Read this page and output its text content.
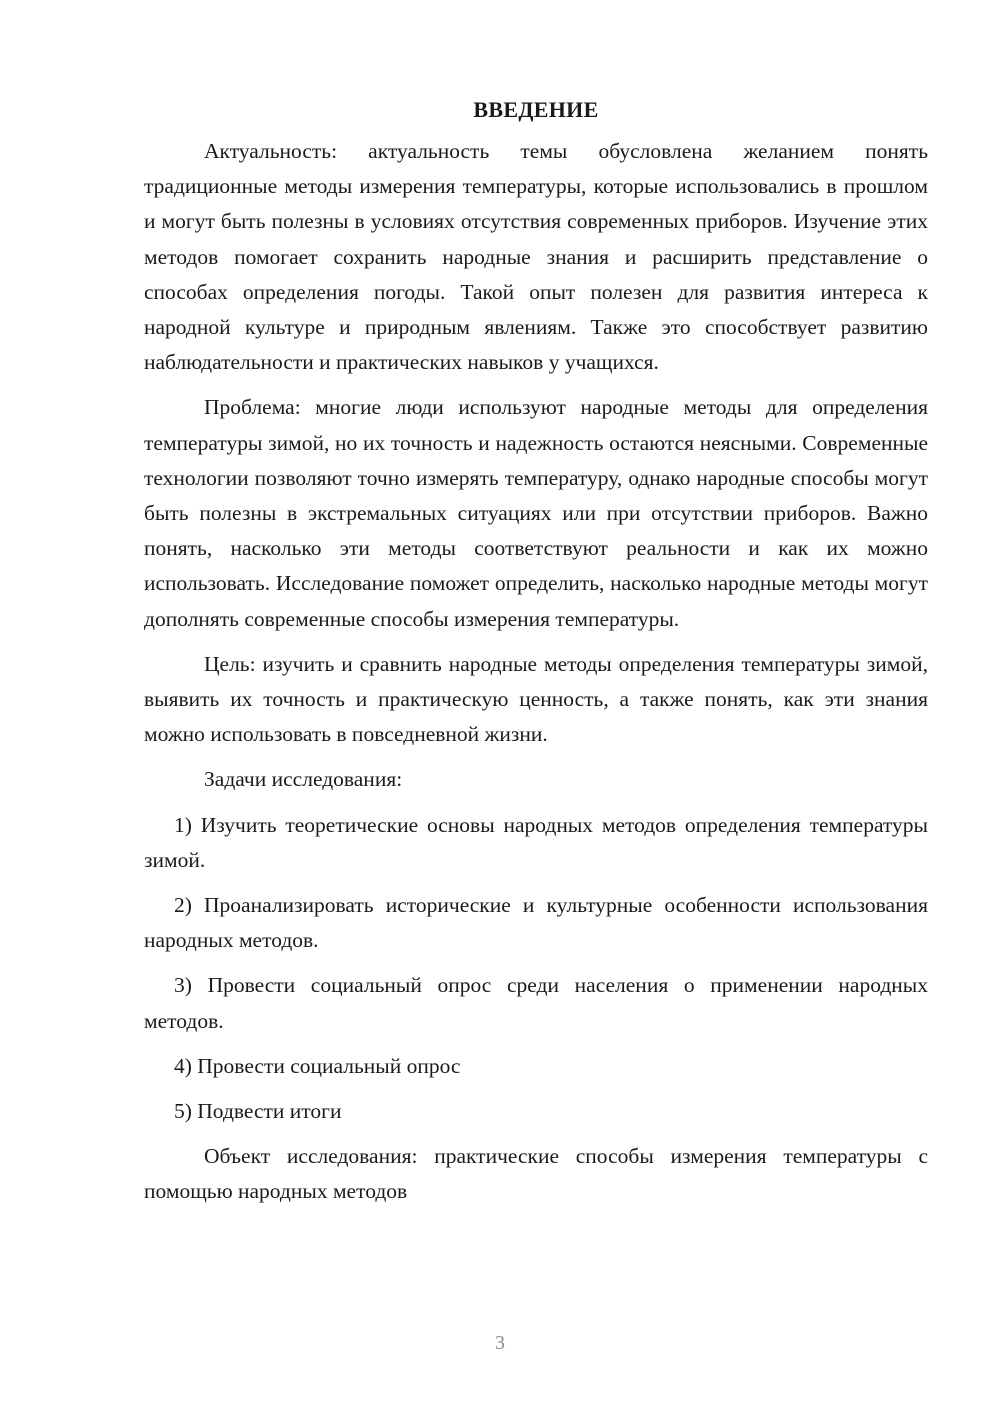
ВВЕДЕНИЕ

Актуальность: актуальность темы обусловлена желанием понять традиционные методы измерения температуры, которые использовались в прошлом и могут быть полезны в условиях отсутствия современных приборов. Изучение этих методов помогает сохранить народные знания и расширить представление о способах определения погоды. Такой опыт полезен для развития интереса к народной культуре и природным явлениям. Также это способствует развитию наблюдательности и практических навыков у учащихся.

Проблема: многие люди используют народные методы для определения температуры зимой, но их точность и надежность остаются неясными. Современные технологии позволяют точно измерять температуру, однако народные способы могут быть полезны в экстремальных ситуациях или при отсутствии приборов. Важно понять, насколько эти методы соответствуют реальности и как их можно использовать. Исследование поможет определить, насколько народные методы могут дополнять современные способы измерения температуры.

Цель: изучить и сравнить народные методы определения температуры зимой, выявить их точность и практическую ценность, а также понять, как эти знания можно использовать в повседневной жизни.

Задачи исследования:

1) Изучить теоретические основы народных методов определения температуры зимой.

2) Проанализировать исторические и культурные особенности использования народных методов.

3) Провести социальный опрос среди населения о применении народных методов.

4) Провести социальный опрос

5) Подвести итоги

Объект исследования: практические способы измерения температуры с помощью народных методов

3
